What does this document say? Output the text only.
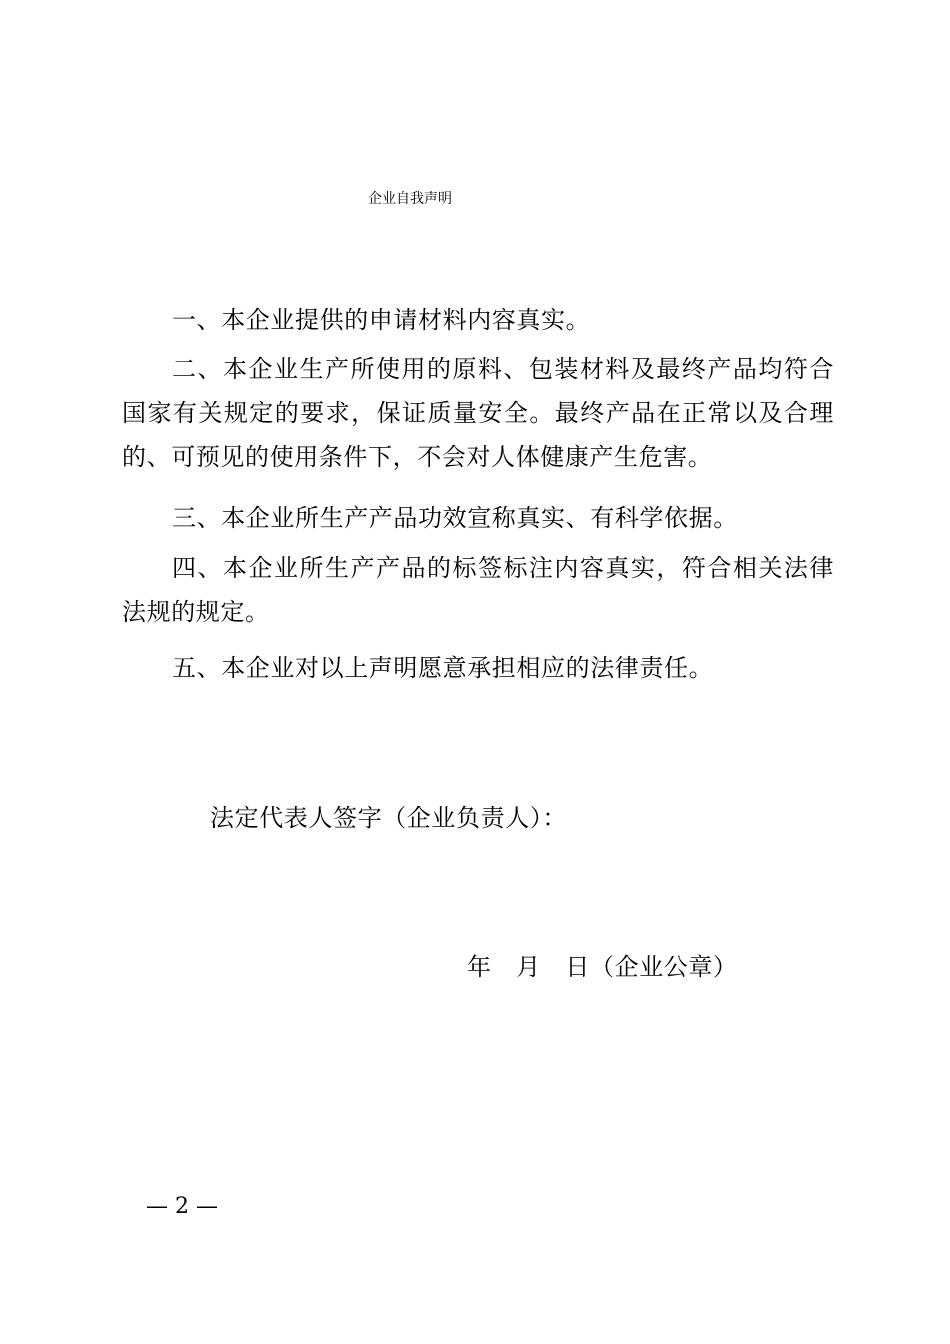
企业自我声明

一、本企业提供的申请材料内容真实。

二、本企业生产所使用的原料、包装材料及最终产品均符合国家有关规定的要求，保证质量安全。最终产品在正常以及合理的、可预见的使用条件下，不会对人体健康产生危害。

三、本企业所生产产品功效宣称真实、有科学依据。

四、本企业所生产产品的标签标注内容真实，符合相关法律法规的规定。

五、本企业对以上声明愿意承担相应的法律责任。

法定代表人签字（企业负责人）：
年　月　日（企业公章）
— 2 —
